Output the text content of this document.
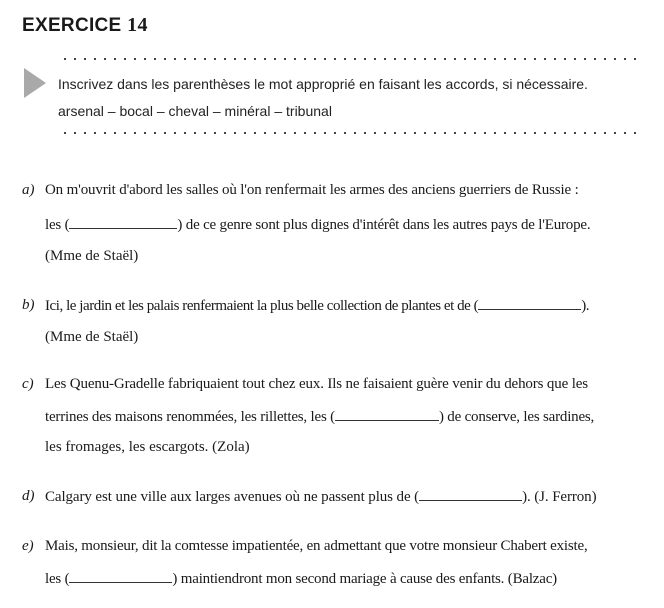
EXERCICE 14
Inscrivez dans les parenthèses le mot approprié en faisant les accords, si nécessaire.
arsenal – bocal – cheval – minéral – tribunal
a) On m'ouvrit d'abord les salles où l'on renfermait les armes des anciens guerriers de Russie :
les (	) de ce genre sont plus dignes d'intérêt dans les autres pays de l'Europe.
(Mme de Staël)
b) Ici, le jardin et les palais renfermaient la plus belle collection de plantes et de (	).
(Mme de Staël)
c) Les Quenu-Gradelle fabriquaient tout chez eux. Ils ne faisaient guère venir du dehors que les
terrines des maisons renommées, les rillettes, les (	) de conserve, les sardines,
les fromages, les escargots. (Zola)
d) Calgary est une ville aux larges avenues où ne passent plus de (	). (J. Ferron)
e) Mais, monsieur, dit la comtesse impatientée, en admettant que votre monsieur Chabert existe,
les (	) maintiendront mon second mariage à cause des enfants. (Balzac)
